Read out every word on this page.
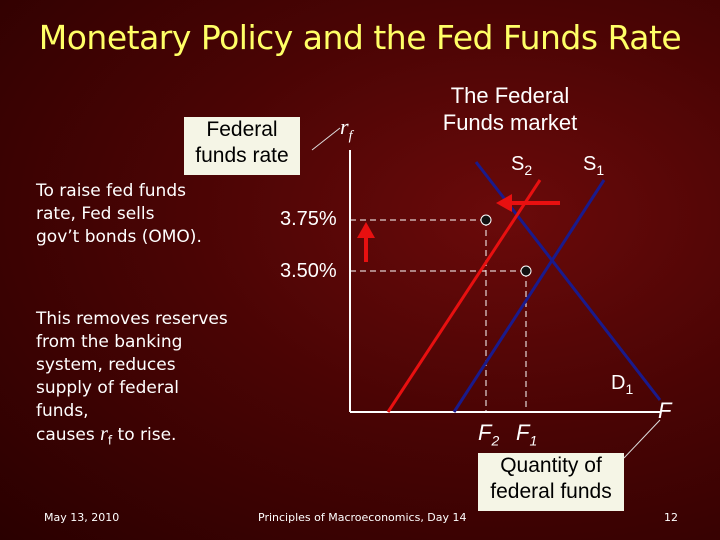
Monetary Policy and the Fed Funds Rate
Federal
funds rate
Quantity of
federal funds
$r_f$
The Federal
Funds market
$S_2$	$S_1$
$D_1$
3.75%
3.50%
$F_2$ $F_1$
F
To raise fed funds
rate, Fed sells
gov’t bonds (OMO).
This removes reserves
from the banking
system, reduces
supply of federal
funds,
causes $r_f$ to rise.
May 13, 2010	Principles of Macroeconomics, Day 14	12
